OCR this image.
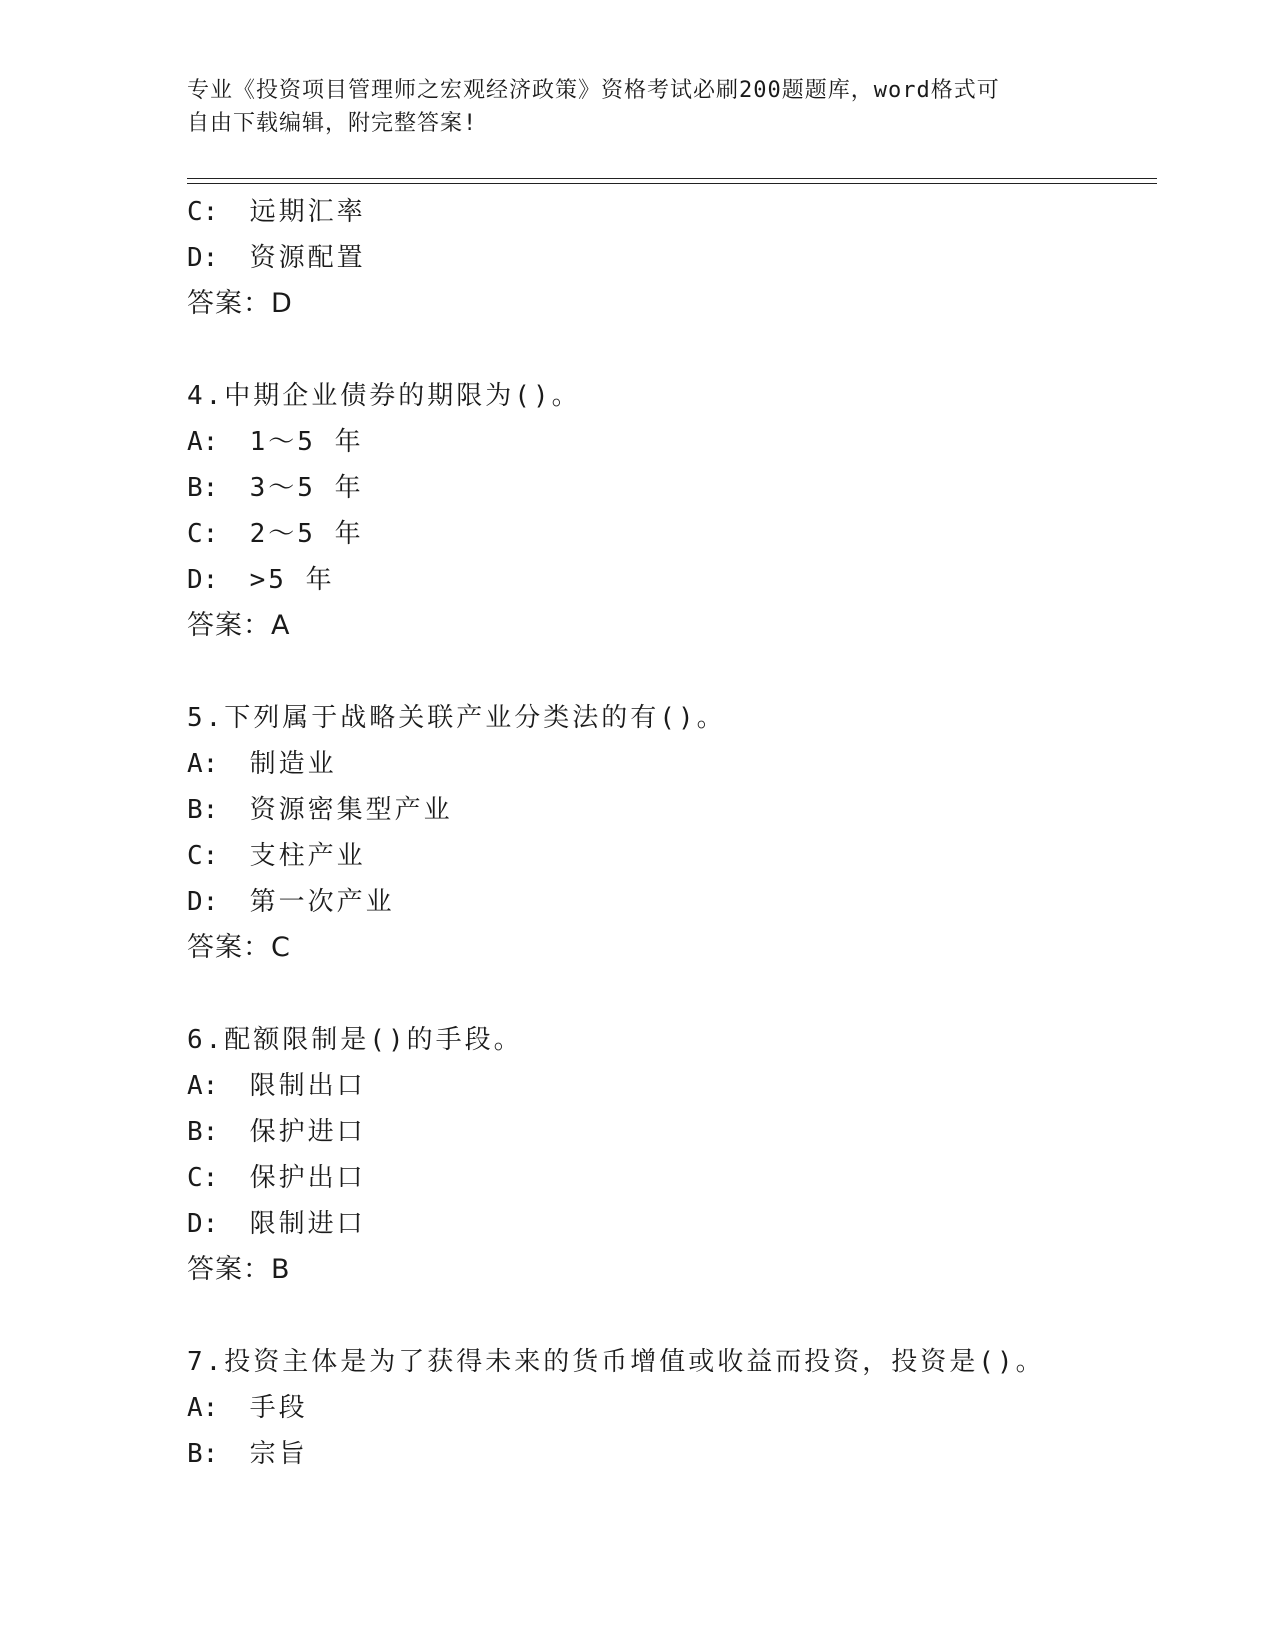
专业《投资项目管理师之宏观经济政策》资格考试必刷200题题库，word格式可
自由下载编辑，附完整答案!
C: 远期汇率
D: 资源配置
答案：D
4.中期企业债券的期限为()。
A: 1～5 年
B: 3～5 年
C: 2～5 年
D: >5 年
答案：A
5.下列属于战略关联产业分类法的有()。
A: 制造业
B: 资源密集型产业
C: 支柱产业
D: 第一次产业
答案：C
6.配额限制是()的手段。
A: 限制出口
B: 保护进口
C: 保护出口
D: 限制进口
答案：B
7.投资主体是为了获得未来的货币增值或收益而投资，投资是()。
A: 手段
B: 宗旨
